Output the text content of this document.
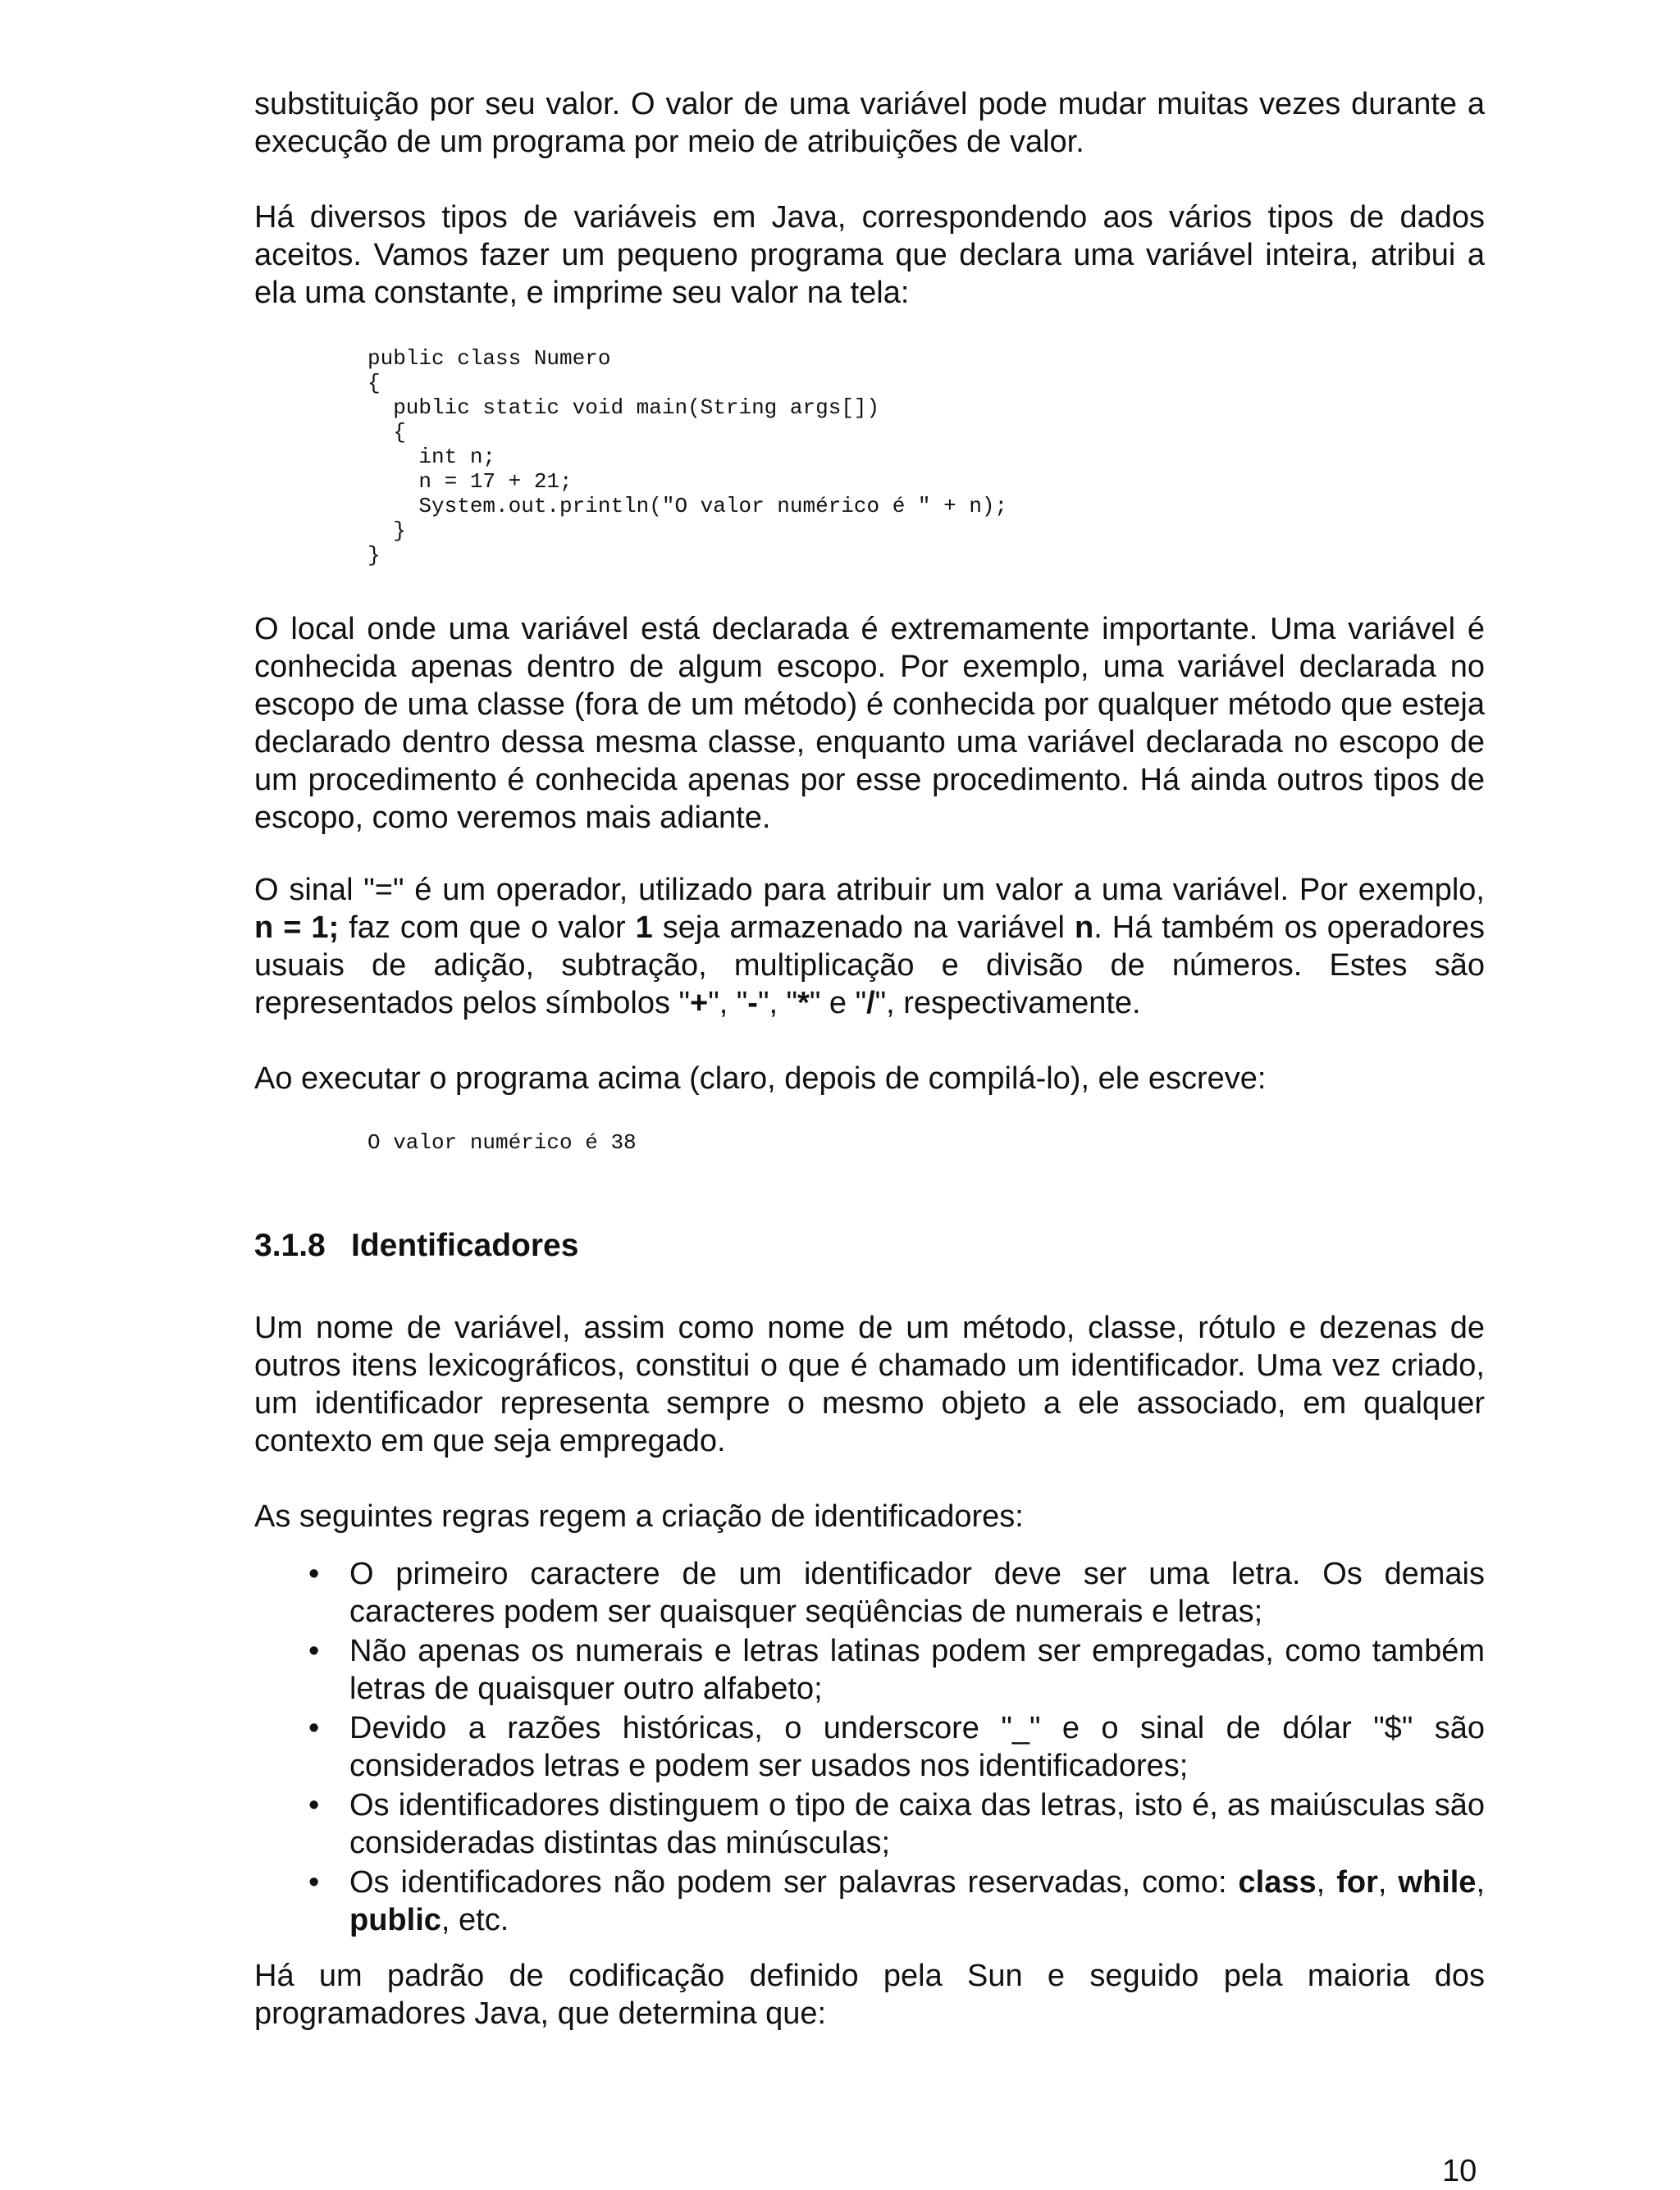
substituição por seu valor. O valor de uma variável pode mudar muitas vezes durante a execução de um programa por meio de atribuições de valor.

Há diversos tipos de variáveis em Java, correspondendo aos vários tipos de dados aceitos. Vamos fazer um pequeno programa que declara uma variável inteira, atribui a ela uma constante, e imprime seu valor na tela:

public class Numero
{
public static void main(String args[])
{
int n;
n = 17 + 21;
System.out.println("O valor numérico é " + n);
}
}

O local onde uma variável está declarada é extremamente importante. Uma variável é conhecida apenas dentro de algum escopo. Por exemplo, uma variável declarada no escopo de uma classe (fora de um método) é conhecida por qualquer método que esteja declarado dentro dessa mesma classe, enquanto uma variável declarada no escopo de um procedimento é conhecida apenas por esse procedimento. Há ainda outros tipos de escopo, como veremos mais adiante.

O sinal "=" é um operador, utilizado para atribuir um valor a uma variável. Por exemplo, n = 1; faz com que o valor 1 seja armazenado na variável n. Há também os operadores usuais de adição, subtração, multiplicação e divisão de números. Estes são representados pelos símbolos "+", "-", "*" e "/", respectivamente.

Ao executar o programa acima (claro, depois de compilá-lo), ele escreve:

O valor numérico é 38
3.1.8 Identificadores

Um nome de variável, assim como nome de um método, classe, rótulo e dezenas de outros itens lexicográficos, constitui o que é chamado um identificador. Uma vez criado, um identificador representa sempre o mesmo objeto a ele associado, em qualquer contexto em que seja empregado.

As seguintes regras regem a criação de identificadores:

• O primeiro caractere de um identificador deve ser uma letra. Os demais caracteres podem ser quaisquer seqüências de numerais e letras;
• Não apenas os numerais e letras latinas podem ser empregadas, como também letras de quaisquer outro alfabeto;
• Devido a razões históricas, o underscore "_" e o sinal de dólar "$" são considerados letras e podem ser usados nos identificadores;
• Os identificadores distinguem o tipo de caixa das letras, isto é, as maiúsculas são consideradas distintas das minúsculas;
• Os identificadores não podem ser palavras reservadas, como: class, for, while, public, etc.

Há um padrão de codificação definido pela Sun e seguido pela maioria dos programadores Java, que determina que:

10
